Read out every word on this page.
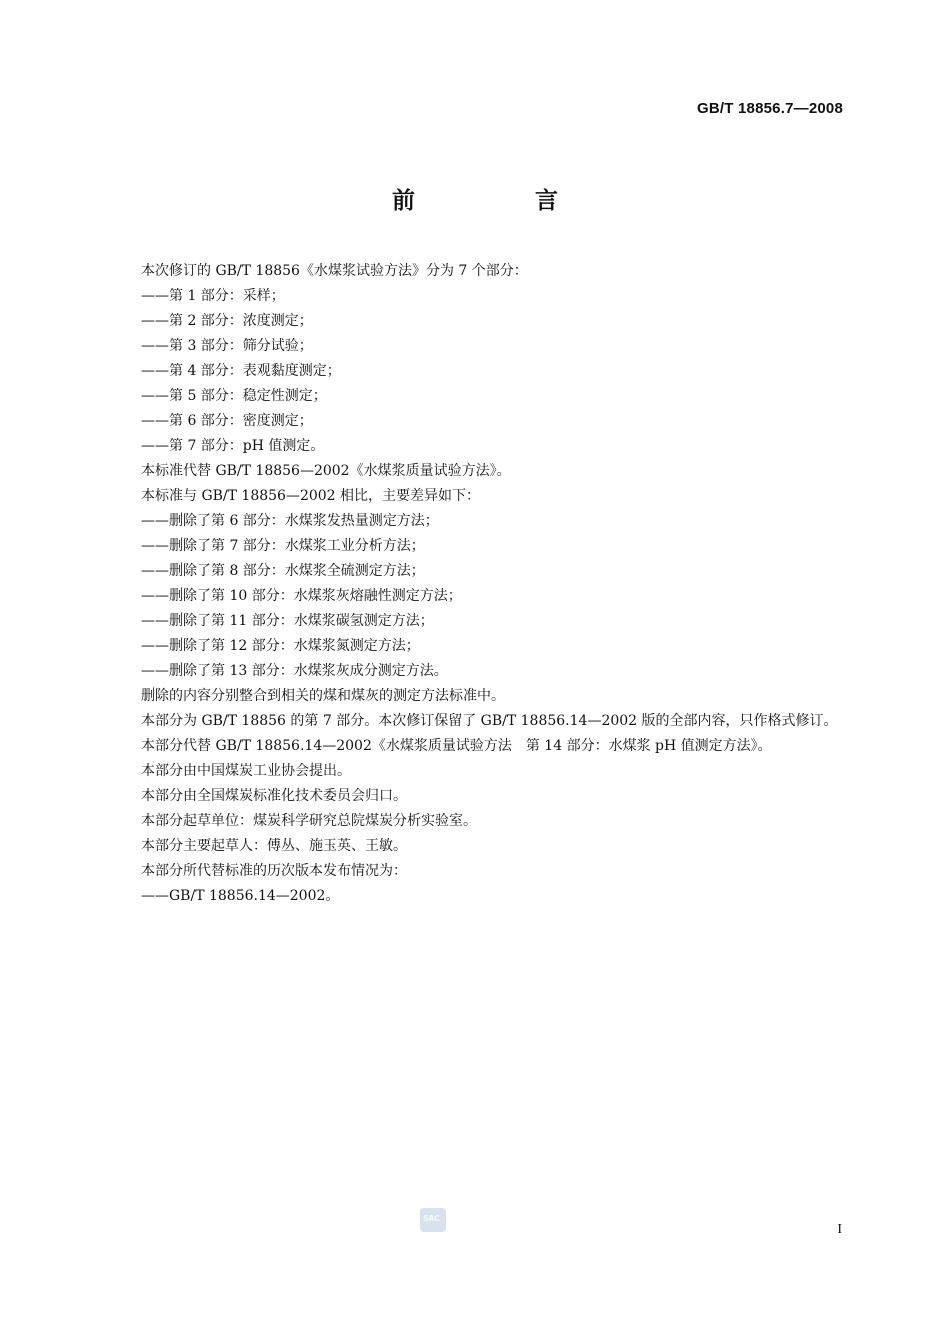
GB/T 18856.7—2008
前 言

本次修订的 GB/T 18856《水煤浆试验方法》分为 7 个部分：

——第 1 部分：采样；

——第 2 部分：浓度测定；

——第 3 部分：筛分试验；

——第 4 部分：表观黏度测定；

——第 5 部分：稳定性测定；

——第 6 部分：密度测定；

——第 7 部分：pH 值测定。

本标准代替 GB/T 18856—2002《水煤浆质量试验方法》。

本标准与 GB/T 18856—2002 相比，主要差异如下：

——删除了第 6 部分：水煤浆发热量测定方法；

——删除了第 7 部分：水煤浆工业分析方法；

——删除了第 8 部分：水煤浆全硫测定方法；

——删除了第 10 部分：水煤浆灰熔融性测定方法；

——删除了第 11 部分：水煤浆碳氢测定方法；

——删除了第 12 部分：水煤浆氮测定方法；

——删除了第 13 部分：水煤浆灰成分测定方法。

删除的内容分别整合到相关的煤和煤灰的测定方法标准中。

本部分为 GB/T 18856 的第 7 部分。本次修订保留了 GB/T 18856.14—2002 版的全部内容，只作格式修订。

本部分代替 GB/T 18856.14—2002《水煤浆质量试验方法　第 14 部分：水煤浆 pH 值测定方法》。

本部分由中国煤炭工业协会提出。

本部分由全国煤炭标准化技术委员会归口。

本部分起草单位：煤炭科学研究总院煤炭分析实验室。

本部分主要起草人：傅丛、施玉英、王敏。

本部分所代替标准的历次版本发布情况为：

——GB/T 18856.14—2002。

SAC
I
